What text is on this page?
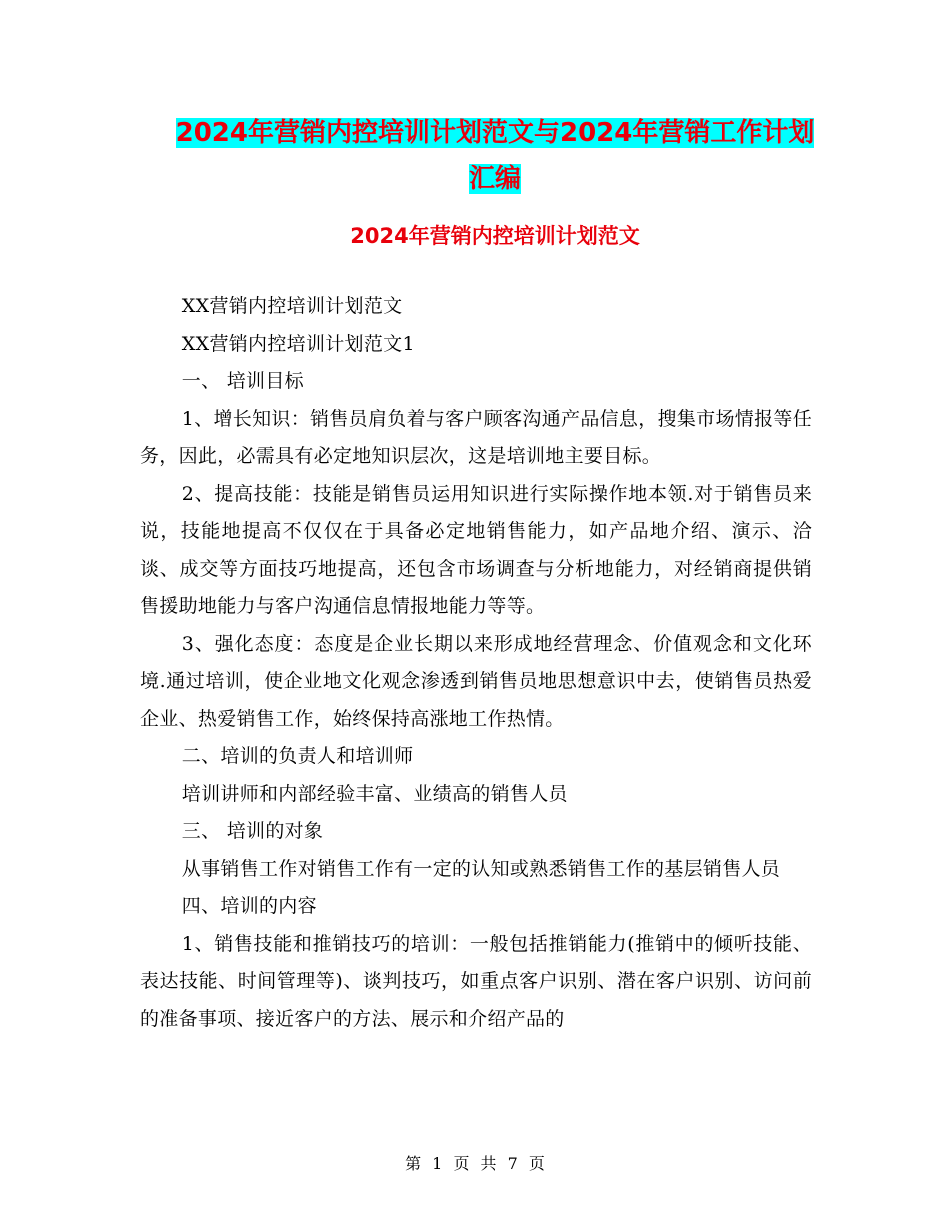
2024年营销内控培训计划范文与2024年营销工作计划
汇编
2024年营销内控培训计划范文

XX营销内控培训计划范文

XX营销内控培训计划范文1

一、 培训目标

1、增长知识：销售员肩负着与客户顾客沟通产品信息，搜集市场情报等任务，因此，必需具有必定地知识层次，这是培训地主要目标。

2、提高技能：技能是销售员运用知识进行实际操作地本领.对于销售员来说，技能地提高不仅仅在于具备必定地销售能力，如产品地介绍、演示、洽谈、成交等方面技巧地提高，还包含市场调查与分析地能力，对经销商提供销售援助地能力与客户沟通信息情报地能力等等。

3、强化态度：态度是企业长期以来形成地经营理念、价值观念和文化环境.通过培训，使企业地文化观念渗透到销售员地思想意识中去，使销售员热爱企业、热爱销售工作，始终保持高涨地工作热情。

二、培训的负责人和培训师

培训讲师和内部经验丰富、业绩高的销售人员

三、 培训的对象

从事销售工作对销售工作有一定的认知或熟悉销售工作的基层销售人员

四、培训的内容

1、销售技能和推销技巧的培训：一般包括推销能力(推销中的倾听技能、表达技能、时间管理等)、谈判技巧，如重点客户识别、潜在客户识别、访问前的准备事项、接近客户的方法、展示和介绍产品的

第 1 页 共 7 页
